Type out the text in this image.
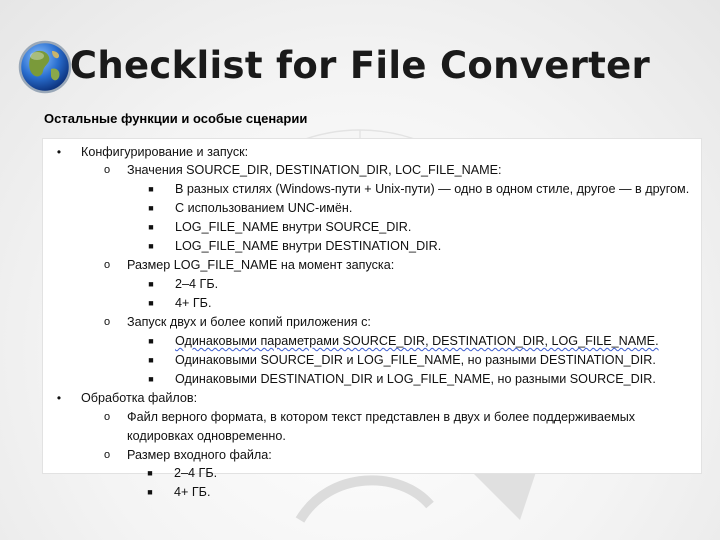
Checklist for File Converter
Остальные функции и особые сценарии
•	Конфигурирование и запуск:
o	Значения SOURCE_DIR, DESTINATION_DIR, LOC_FILE_NAME:
■	В разных стилях (Windows-пути + Unix-пути) — одно в одном стиле, другое — в другом.
■	С использованием UNC-имён.
■	LOG_FILE_NAME внутри SOURCE_DIR.
■	LOG_FILE_NAME внутри DESTINATION_DIR.
o	Размер LOG_FILE_NAME на момент запуска:
■	2–4 ГБ.
■	4+ ГБ.
o	Запуск двух и более копий приложения с:
■	Одинаковыми параметрами SOURCE_DIR, DESTINATION_DIR, LOG_FILE_NAME.
■	Одинаковыми SOURCE_DIR и LOG_FILE_NAME, но разными DESTINATION_DIR.
■	Одинаковыми DESTINATION_DIR и LOG_FILE_NAME, но разными SOURCE_DIR.
•	Обработка файлов:
o	Файл верного формата, в котором текст представлен в двух и более поддерживаемых
кодировках одновременно.
o	Размер входного файла:
■	2–4 ГБ.
■	4+ ГБ.
